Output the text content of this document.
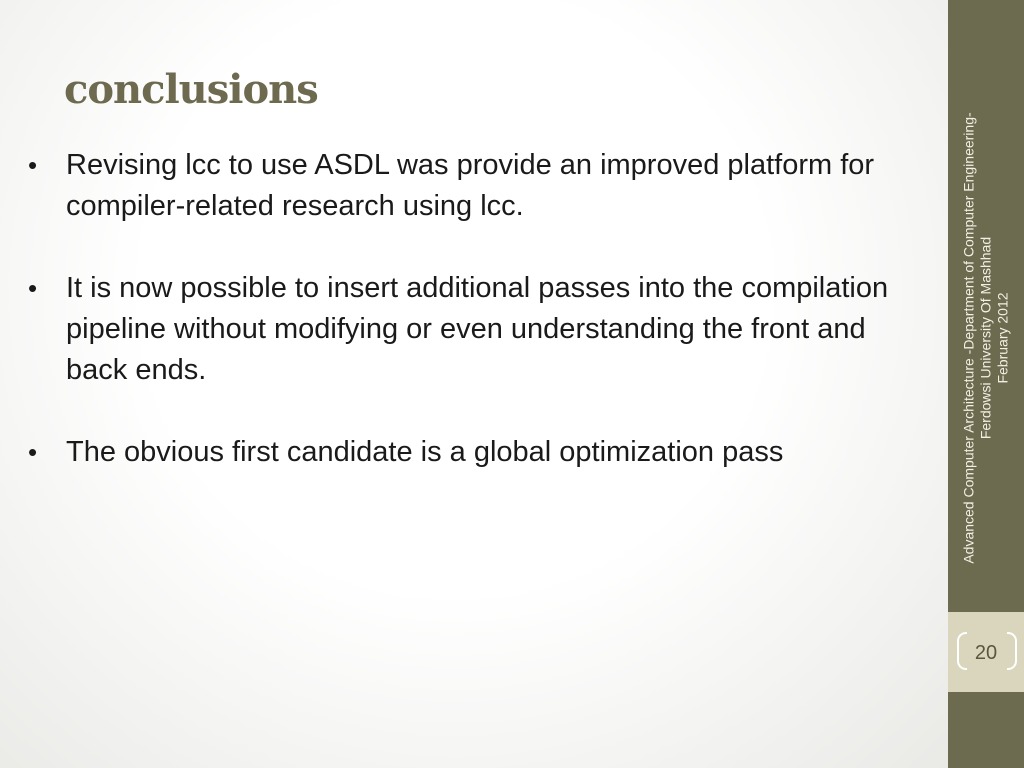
conclusions
• Revising lcc to use ASDL was provide an improved platform for compiler-related research using lcc.
• It is now possible to insert additional passes into the compilation pipeline without modifying or even understanding the front and back ends.
• The obvious first candidate is a global optimization pass	Advanced Computer Architecture -Department of Computer Engineering- Ferdowsi University Of Mashhad February 2012
20
